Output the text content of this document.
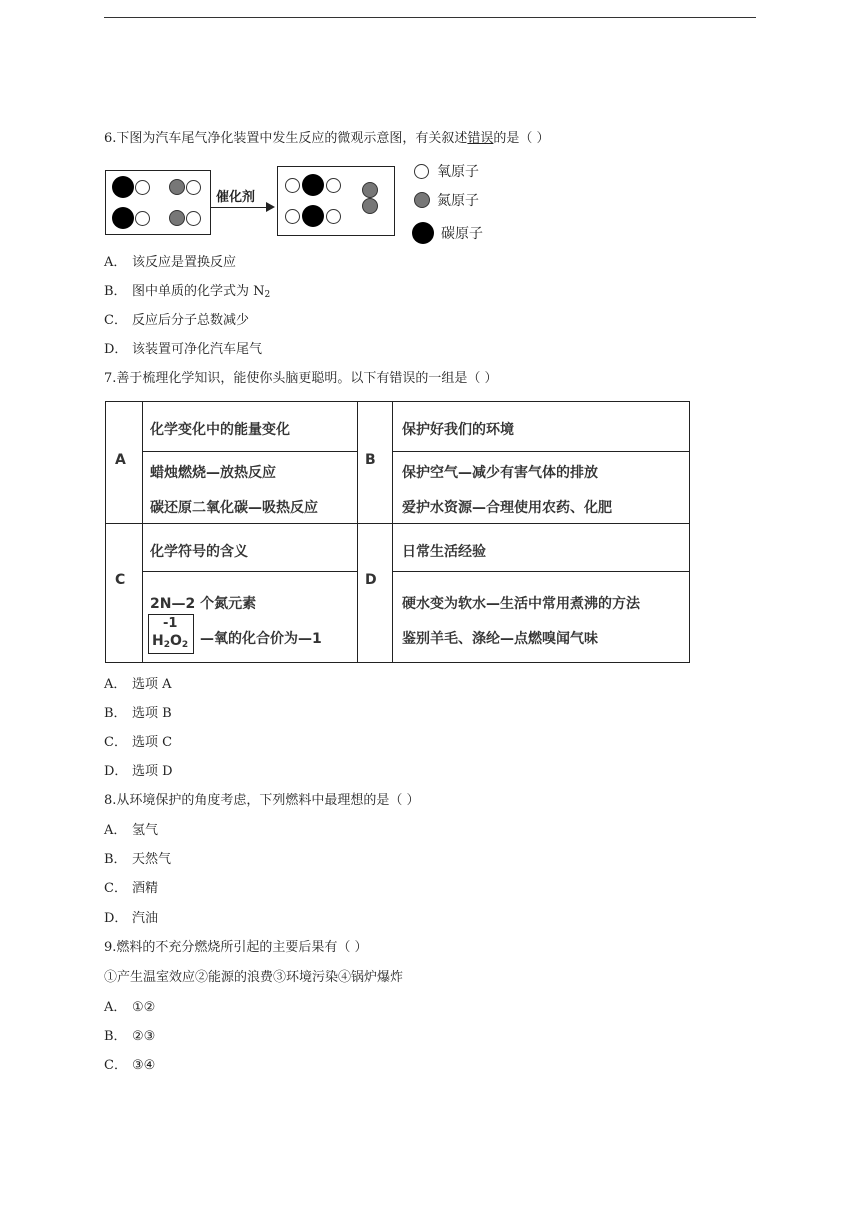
6.下图为汽车尾气净化装置中发生反应的微观示意图，有关叙述错误的是（ ）
催化剂
氧原子
氮原子
碳原子
A． 该反应是置换反应
B． 图中单质的化学式为 $N_2$
C． 反应后分子总数减少
D． 该装置可净化汽车尾气
7.善于梳理化学知识，能使你头脑更聪明。以下有错误的一组是（ ）
A
化学变化中的能量变化
蜡烛燃烧—放热反应
碳还原二氧化碳—吸热反应
B
保护好我们的环境
保护空气—减少有害气体的排放
爱护水资源—合理使用农药、化肥
C
化学符号的含义
2N—2 个氮元素
-1
$H_2O_2$ —氧的化合价为—1
D
日常生活经验
硬水变为软水—生活中常用煮沸的方法
鉴别羊毛、涤纶—点燃嗅闻气味
A． 选项 A
B． 选项 B
C． 选项 C
D． 选项 D
8.从环境保护的角度考虑，下列燃料中最理想的是（ ）
A． 氢气
B． 天然气
C． 酒精
D． 汽油
9.燃料的不充分燃烧所引起的主要后果有（ ）
①产生温室效应②能源的浪费③环境污染④锅炉爆炸
A． ①②
B． ②③
C． ③④
